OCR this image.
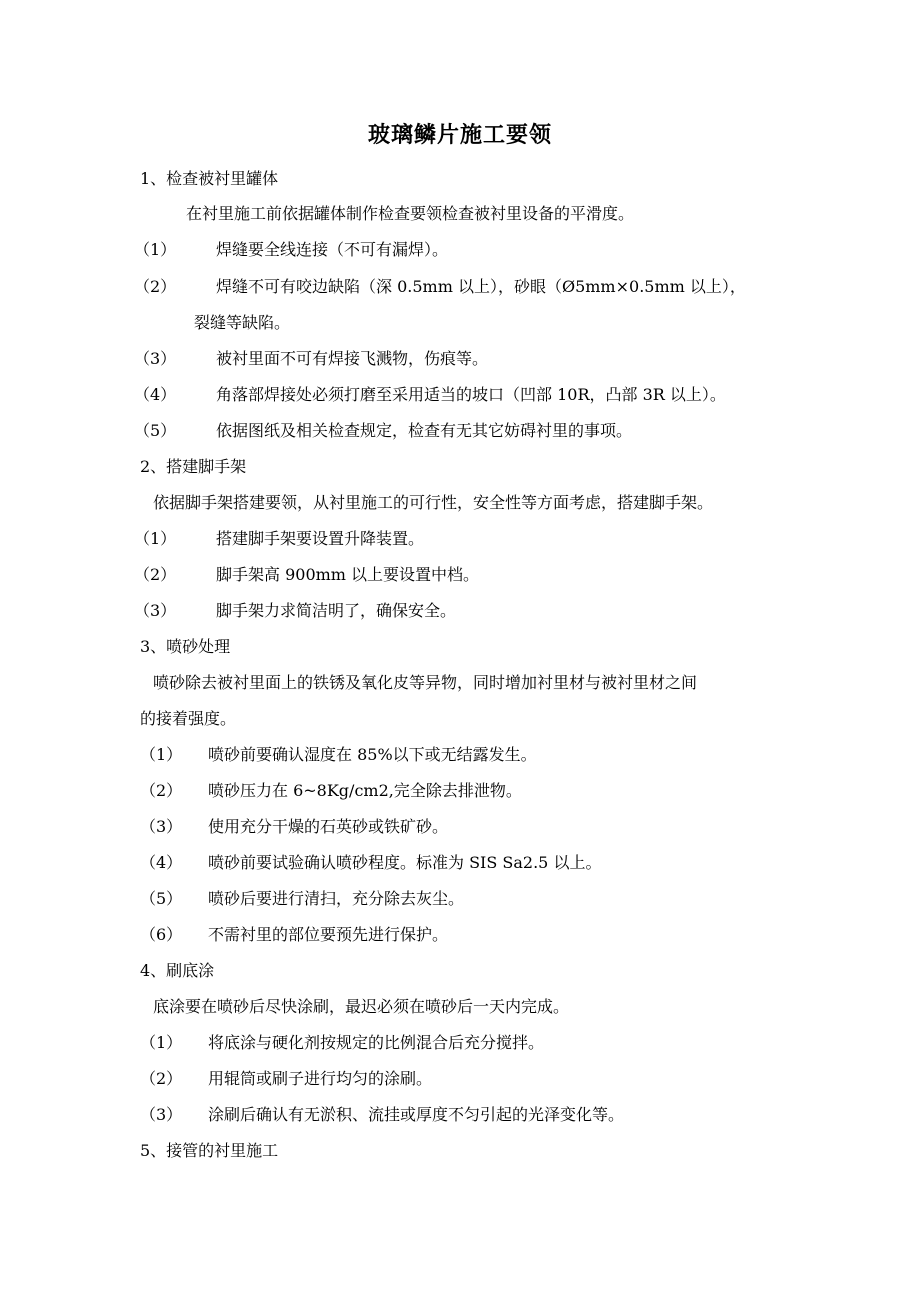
玻璃鳞片施工要领
1、检查被衬里罐体
在衬里施工前依据罐体制作检查要领检查被衬里设备的平滑度。
（1） 焊缝要全线连接（不可有漏焊）。
（2） 焊缝不可有咬边缺陷（深 0.5mm 以上），砂眼（Ø5mm×0.5mm 以上），
裂缝等缺陷。
（3） 被衬里面不可有焊接飞溅物，伤痕等。
（4） 角落部焊接处必须打磨至采用适当的坡口（凹部 10R，凸部 3R 以上）。
（5） 依据图纸及相关检查规定，检查有无其它妨碍衬里的事项。
2、搭建脚手架
依据脚手架搭建要领，从衬里施工的可行性，安全性等方面考虑，搭建脚手架。
（1） 搭建脚手架要设置升降装置。
（2） 脚手架高 900mm 以上要设置中档。
（3） 脚手架力求简洁明了，确保安全。
3、喷砂处理
喷砂除去被衬里面上的铁锈及氧化皮等异物，同时增加衬里材与被衬里材之间
的接着强度。
（1） 喷砂前要确认湿度在 85%以下或无结露发生。
（2） 喷砂压力在 6~8Kg/cm2,完全除去排泄物。
（3） 使用充分干燥的石英砂或铁矿砂。
（4） 喷砂前要试验确认喷砂程度。标准为 SIS Sa2.5 以上。
（5） 喷砂后要进行清扫，充分除去灰尘。
（6） 不需衬里的部位要预先进行保护。
4、刷底涂
底涂要在喷砂后尽快涂刷，最迟必须在喷砂后一天内完成。
（1） 将底涂与硬化剂按规定的比例混合后充分搅拌。
（2） 用辊筒或刷子进行均匀的涂刷。
（3） 涂刷后确认有无淤积、流挂或厚度不匀引起的光泽变化等。
5、接管的衬里施工
